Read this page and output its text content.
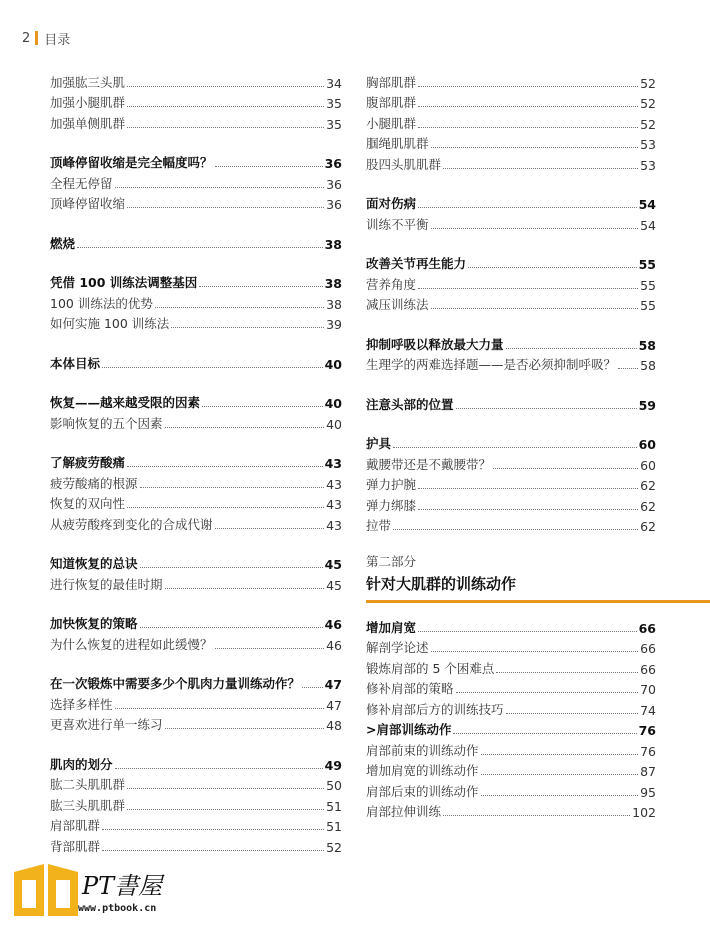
2 目录
加强肱三头肌	34
加强小腿肌群	35
加强单侧肌群	35
顶峰停留收缩是完全幅度吗？	36
全程无停留	36
顶峰停留收缩	36
燃烧	38
凭借 100 训练法调整基因	38
100 训练法的优势	38
如何实施 100 训练法	39
本体目标	40
恢复——越来越受限的因素	40
影响恢复的五个因素	40
了解疲劳酸痛	43
疲劳酸痛的根源	43
恢复的双向性	43
从疲劳酸疼到变化的合成代谢	43
知道恢复的总诀	45
进行恢复的最佳时期	45
加快恢复的策略	46
为什么恢复的进程如此缓慢？	46
在一次锻炼中需要多少个肌肉力量训练动作？ 47
选择多样性	47
更喜欢进行单一练习	48
肌肉的划分	49
肱二头肌肌群	50
肱三头肌肌群	51
肩部肌群	51
背部肌群	52
胸部肌群	52
腹部肌群	52
小腿肌群	52
腘绳肌肌群	53
股四头肌肌群	53
面对伤病	54
训练不平衡	54
改善关节再生能力	55
营养角度	55
减压训练法	55
抑制呼吸以释放最大力量	58
生理学的两难选择题——是否必须抑制呼吸？ 58
注意头部的位置	59
护具	60
戴腰带还是不戴腰带？	60
弹力护腕	62
弹力绑膝	62
拉带	62
第二部分
针对大肌群的训练动作
增加肩宽	66
解剖学论述	66
锻炼肩部的 5 个困难点	66
修补肩部的策略	70
修补肩部后方的训练技巧	74
>肩部训练动作	76
肩部前束的训练动作	76
增加肩宽的训练动作	87
肩部后束的训练动作	95
肩部拉伸训练	102
PT書屋
www.ptbook.cn
